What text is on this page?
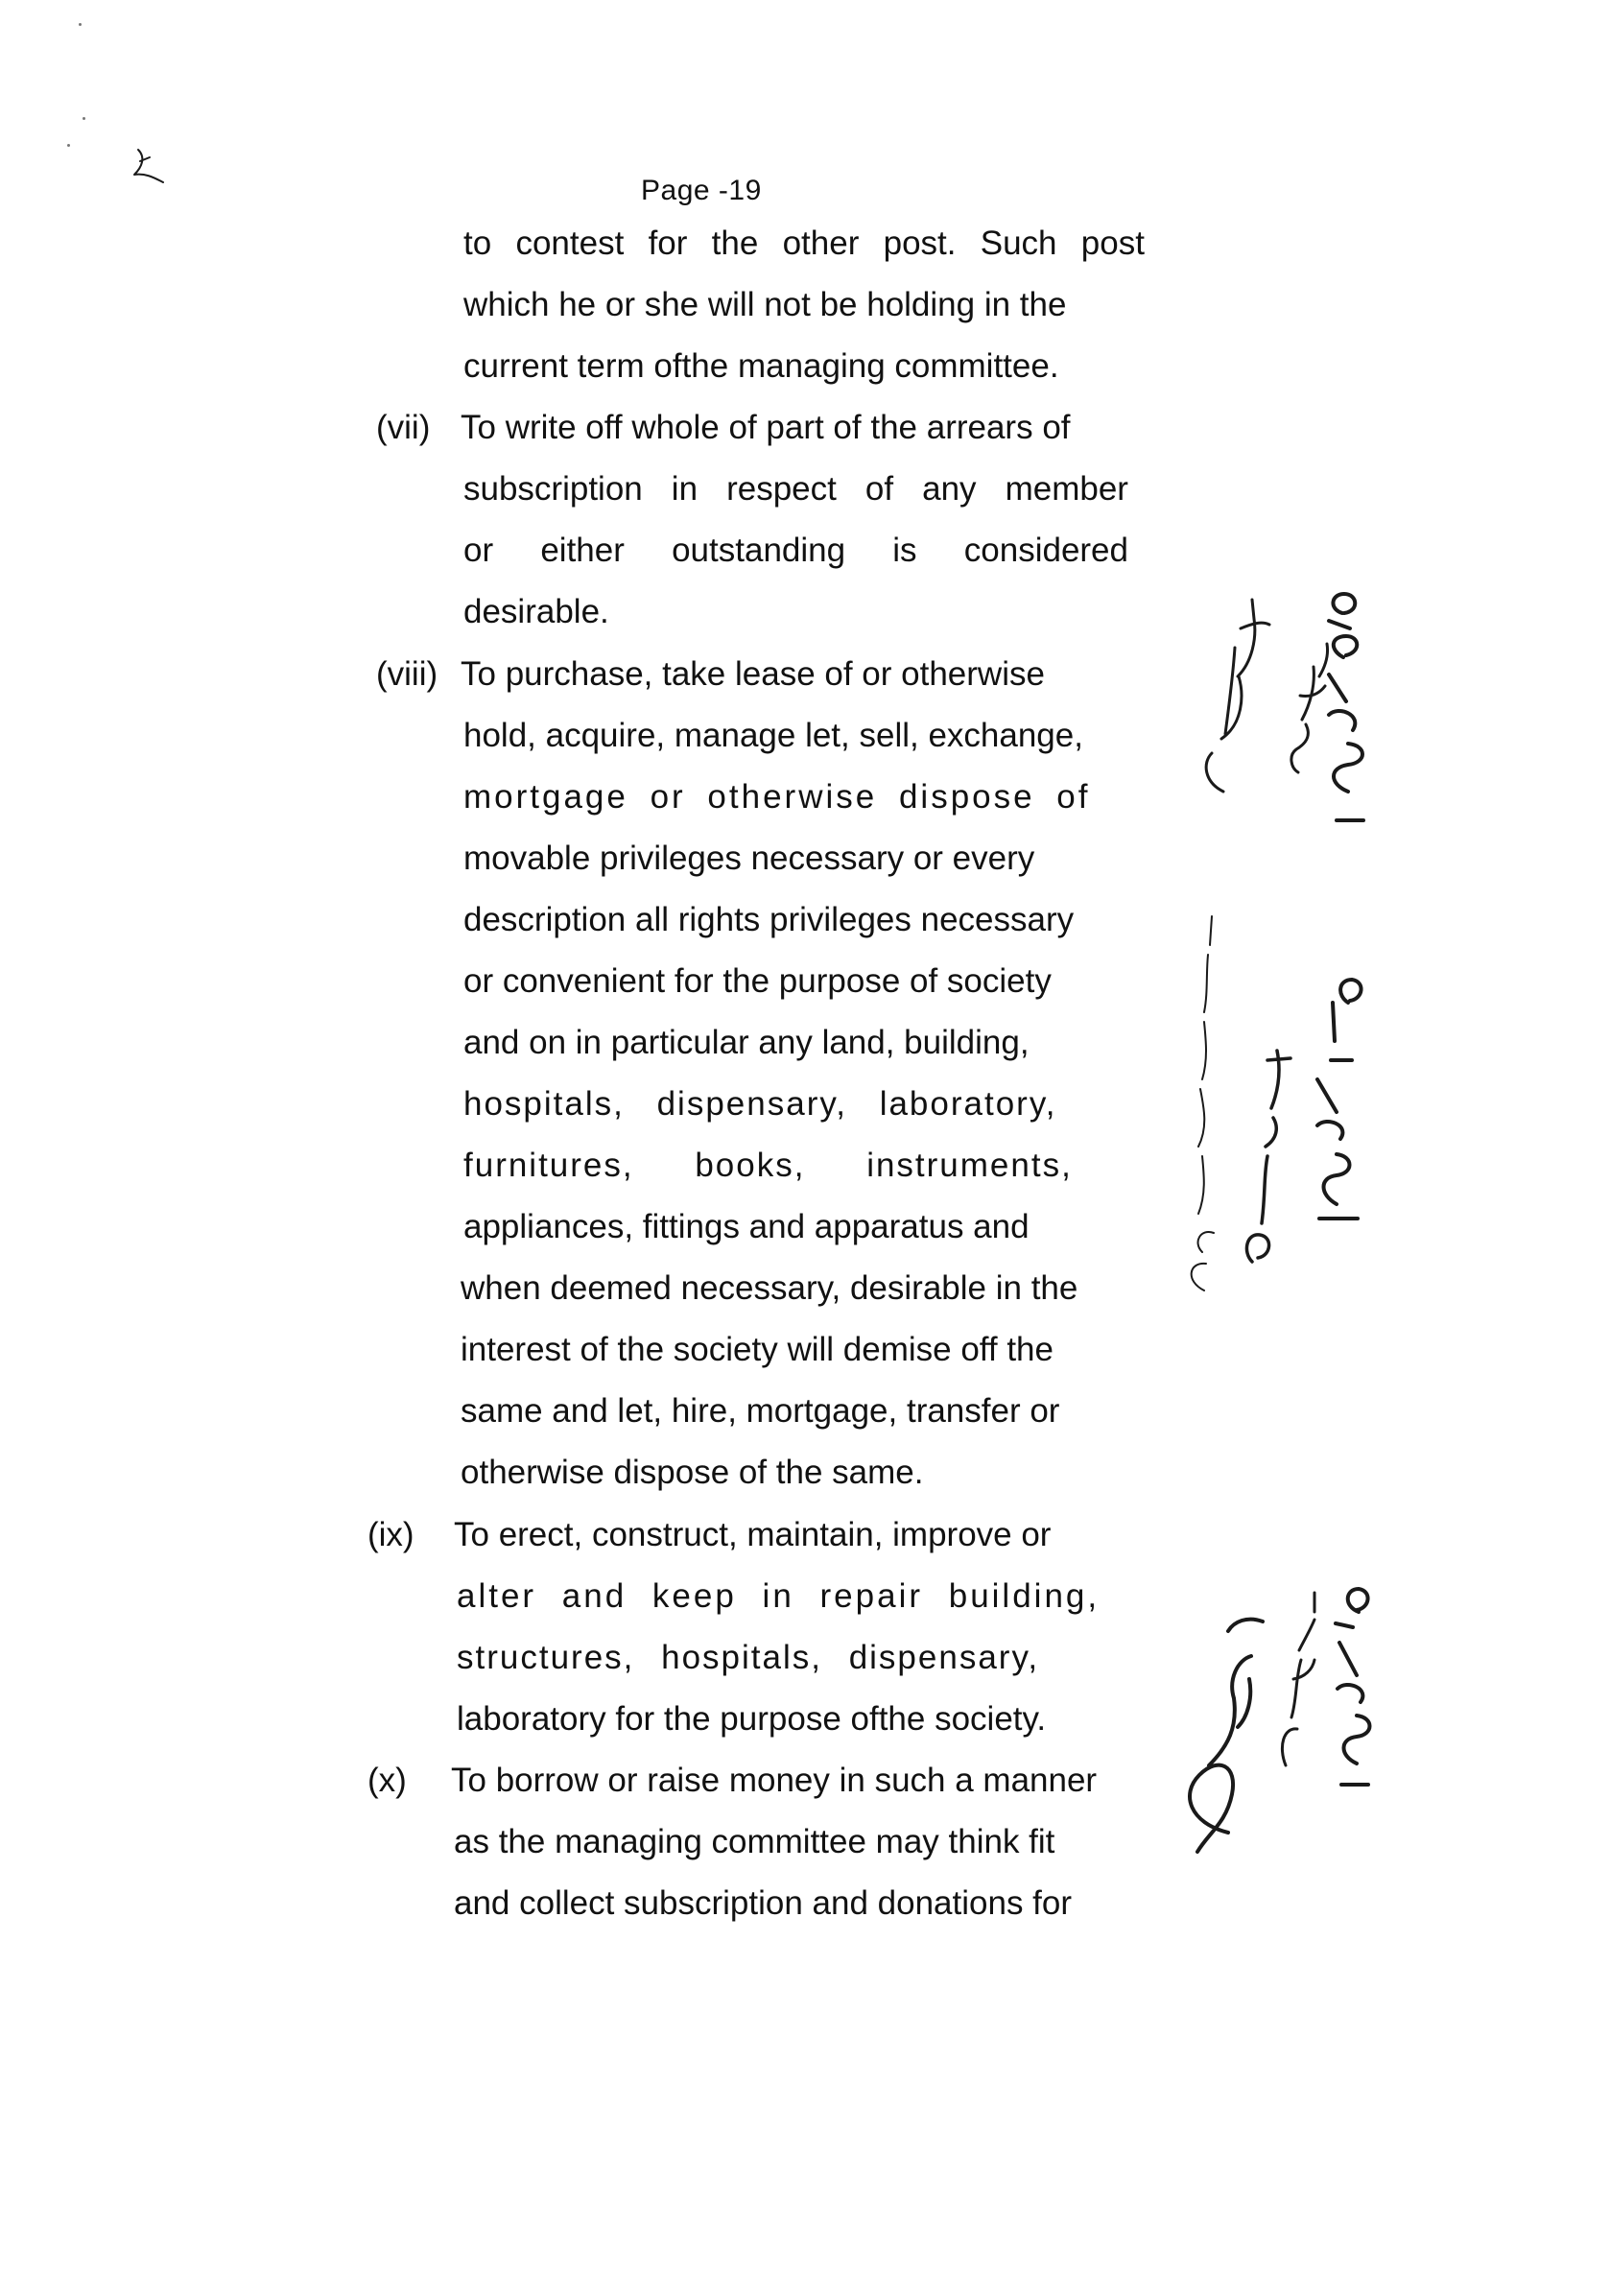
Page -19
to contest for the other post. Such post
which he or she will not be holding in the
current term ofthe managing committee.
(vii) To write off whole of part of the arrears of
subscription in respect of any member
or either outstanding is considered
desirable.
(viii) To purchase, take lease of or otherwise
hold, acquire, manage let, sell, exchange,
mortgage or otherwise dispose of
movable privileges necessary or every
description all rights privileges necessary
or convenient for the purpose of society
and on in particular any land, building,
hospitals, dispensary, laboratory,
furnitures, books, instruments,
appliances, fittings and apparatus and
when deemed necessary, desirable in the
interest of the society will demise off the
same and let, hire, mortgage, transfer or
otherwise dispose of the same.
(ix) To erect, construct, maintain, improve or
alter and keep in repair building,
structures, hospitals, dispensary,
laboratory for the purpose ofthe society.
(x) To borrow or raise money in such a manner
as the managing committee may think fit
and collect subscription and donations for
